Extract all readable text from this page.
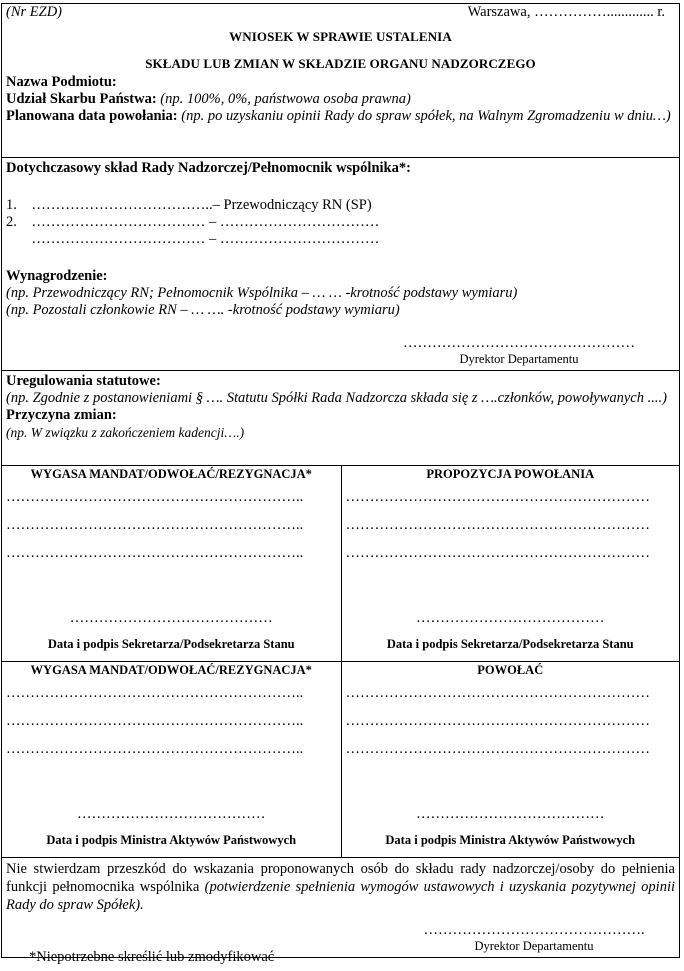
(Nr EZD)	Warszawa, ……………............. r.

WNIOSEK W SPRAWIE USTALENIA

SKŁADU LUB ZMIAN W SKŁADZIE ORGANU NADZORCZEGO

Nazwa Podmiotu:

Udział Skarbu Państwa: (np. 100%, 0%, państwowa osoba prawna)

Planowana data powołania: (np. po uzyskaniu opinii Rady do spraw spółek, na Walnym Zgromadzeniu w dniu…)

Dotychczasowy skład Rady Nadzorczej/Pełnomocnik wspólnika*:

1.    ………………………………..– Przewodniczący RN (SP)

2.    ……………………………… – ……………………………

……………………………… – ……………………………

Wynagrodzenie:

(np. Przewodniczący RN; Pełnomocnik Wspólnika – … … -krotność podstawy wymiaru)

(np. Pozostali członkowie RN – … …. -krotność podstawy wymiaru)

…………………………………………
Dyrektor Departamentu

Uregulowania statutowe:

(np. Zgodnie z postanowieniami § …. Statutu Spółki Rada Nadzorcza składa się z ….członków, powoływanych ....)

Przyczyna zmian:

(np. W związku z zakończeniem kadencji….)

WYGASA MANDAT/ODWOŁAĆ/REZYGNACJA*
……………………………………………………..
……………………………………………………..
……………………………………………………..
……………………………………
Data i podpis Sekretarza/Podsekretarza Stanu
PROPOZYCJA POWOŁANIA
………………………………………………………
………………………………………………………
………………………………………………………
…………………………………
Data i podpis Sekretarza/Podsekretarza Stanu
WYGASA MANDAT/ODWOŁAĆ/REZYGNACJA*
……………………………………………………..
……………………………………………………..
……………………………………………………..
…………………………………
Data i podpis Ministra Aktywów Państwowych
POWOŁAĆ
………………………………………………………
………………………………………………………
………………………………………………………
…………………………………
Data i podpis Ministra Aktywów Państwowych

Nie stwierdzam przeszkód do wskazania proponowanych osób do składu rady nadzorczej/osoby do pełnienia funkcji pełnomocnika wspólnika (potwierdzenie spełnienia wymogów ustawowych i uzyskania pozytywnej opinii Rady do spraw Spółek).

……………………………………….
Dyrektor Departamentu
*Niepotrzebne skreślić lub zmodyfikować
